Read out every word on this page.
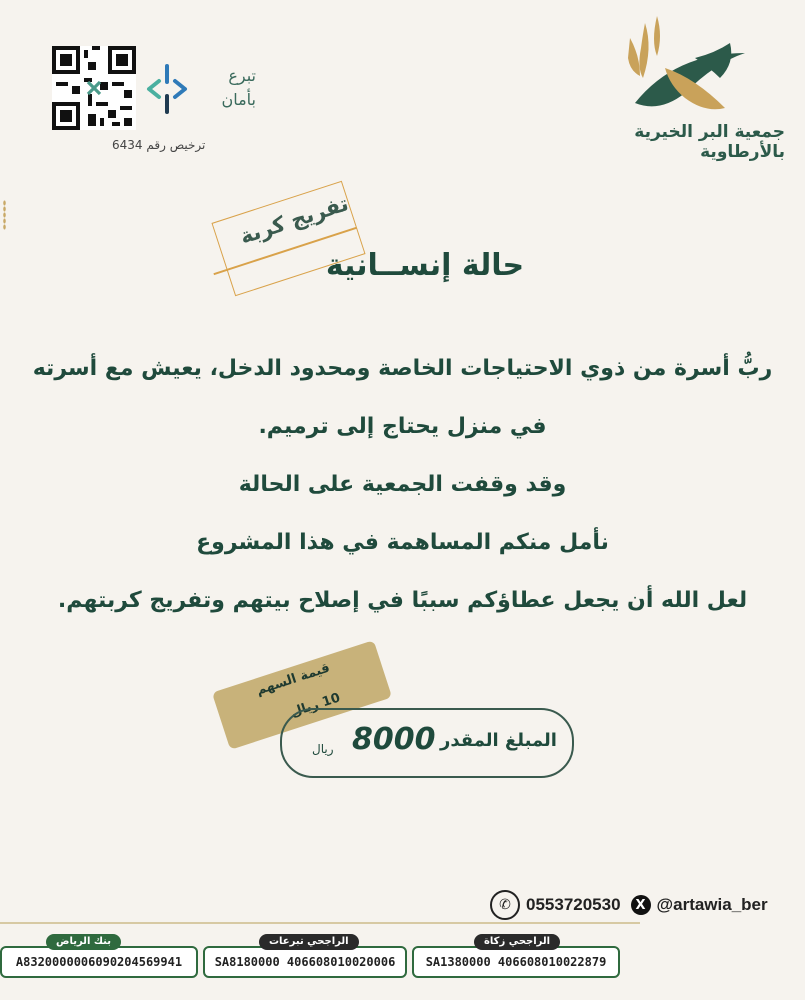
جمعية البر الخيرية بالأرطاوية
تبرع
بأمان
ترخيص رقم 6434
تفريج كربة
حالة إنســانية
ربُّ أسرة من ذوي الاحتياجات الخاصة ومحدود الدخل، يعيش مع أسرته
في منزل يحتاج إلى ترميم.
وقد وقفت الجمعية على الحالة
نأمل منكم المساهمة في هذا المشروع
لعل الله أن يجعل عطاؤكم سببًا في إصلاح بيتهم وتفريج كربتهم.
قيمة السهم
10 ريال
المبلغ المقدر
8000
ريال
✆ 0553720530	X @artawia_ber
SA1380000 406608010022879
الراجحي زكاة
SA8180000 406608010020006
الراجحي تبرعات
A8320000006090204569941
بنك الرياض
